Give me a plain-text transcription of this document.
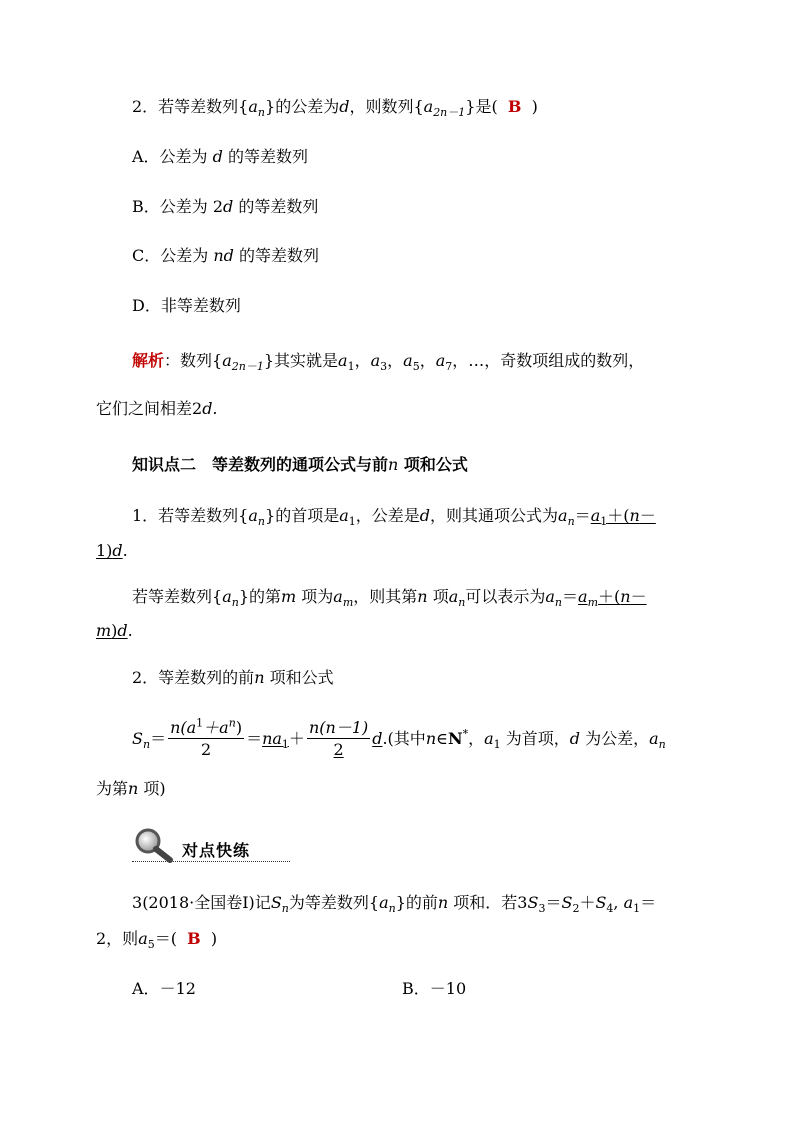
2．若等差数列$\{a_n\}$的公差为d，则数列$\{a_{2n-1}\}$是( B )
A．公差为 d 的等差数列
B．公差为 2d 的等差数列
C．公差为 nd 的等差数列
D．非等差数列
解析：数列$\{a_{2n-1}\}$其实就是$a_1$，$a_3$，$a_5$，$a_7$，…，奇数项组成的数列，
它们之间相差2d.
知识点二　等差数列的通项公式与前n 项和公式
1．若等差数列$\{a_n\}$的首项是$a_1$，公差是d，则其通项公式为$a_n=a_1+(n-$
1)d.
若等差数列$\{a_n\}$的第m 项为$a_m$，则其第n 项$a_n$可以表示为$a_n=a_m+(n-$
m)d.
2．等差数列的前n 项和公式
$S_n= \frac{n(a^1+a^n)}{2} =na_1+ \frac{n(n-1)}{2} d$.(其中n∈N*，$a_1$ 为首项，d 为公差，$a_n$
为第n 项)
对点快练
3(2018·全国卷Ⅰ)记$S_n$为等差数列$\{a_n\}$的前n 项和．若$3S_3=S_2+S_4$, $a_1=$
2，则$a_5=$( B )
A．－12	B．－10
